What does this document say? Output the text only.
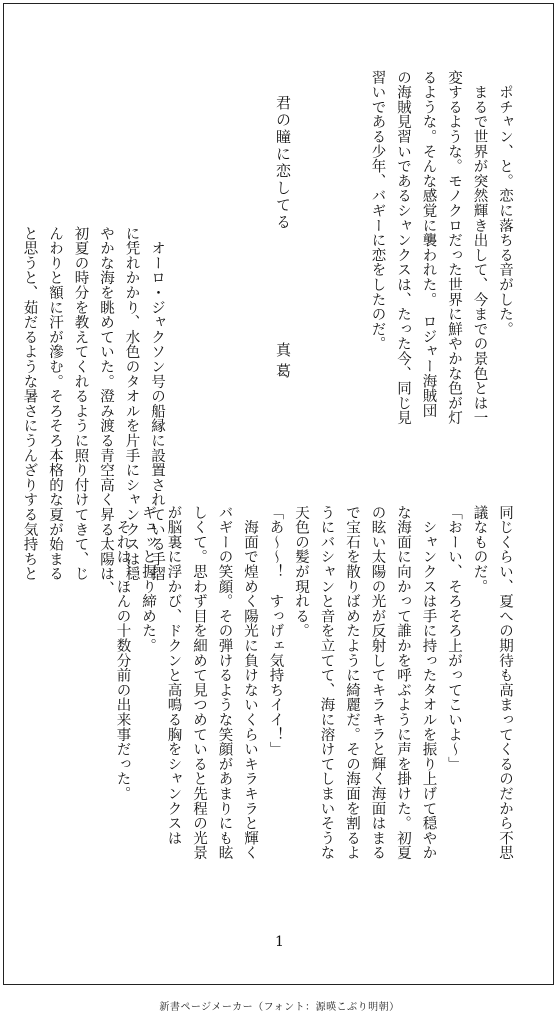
　ポチャン、と。恋に落ちる音がした。
　まるで世界が突然輝き出して、今までの景色とは一
変するような。モノクロだった世界に鮮やかな色が灯
るような。そんな感覚に襲われた。　ロジャー海賊団
の海賊見習いであるシャンクスは、たった今、同じ見
習いである少年、バギーに恋をしたのだ。
君の瞳に恋してる
真葛
　オーロ・ジャクソン号の船縁に設置されている手摺
に凭れかかり、水色のタオルを片手にシャンクスは穏
やかな海を眺めていた。澄み渡る青空高く昇る太陽は、
初夏の時分を教えてくれるように照り付けてきて、じ
んわりと額に汗が滲む。そろそろ本格的な夏が始まる
と思うと、茹だるような暑さにうんざりする気持ちと
同じくらい、夏への期待も高まってくるのだから不思
議なものだ。
「おーい、そろそろ上がってこいよ～」
　シャンクスは手に持ったタオルを振り上げて穏やか
な海面に向かって誰かを呼ぶように声を掛けた。初夏
の眩い太陽の光が反射してキラキラと輝く海面はまる
で宝石を散りばめたように綺麗だ。その海面を割るよ
うにバシャンと音を立てて、海に溶けてしまいそうな
天色の髪が現れる。
「あ～～！　すっげェ気持ちイイ！」
　海面で煌めく陽光に負けないくらいキラキラと輝く
バギーの笑顔。その弾けるような笑顔があまりにも眩
しくて。思わず目を細めて見つめていると先程の光景
が脳裏に浮かび、ドクンと高鳴る胸をシャンクスは
ギュッと握り締めた。
　それは、ほんの十数分前の出来事だった。
1
新書ページメーカー（フォント：源暎こぶり明朝）
